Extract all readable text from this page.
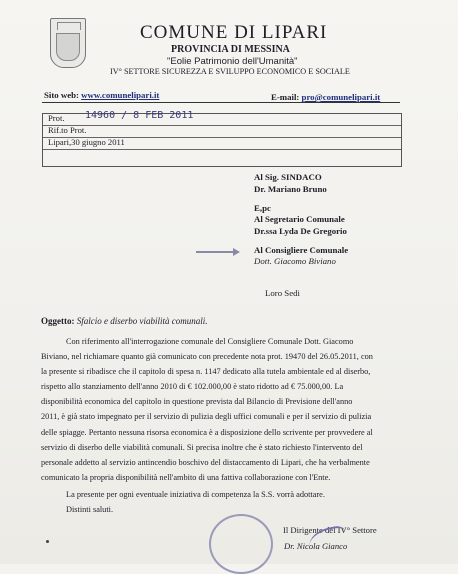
COMUNE DI LIPARI
PROVINCIA DI MESSINA
"Eolie Patrimonio dell'Umanità"
IV° SETTORE SICUREZZA E SVILUPPO ECONOMICO E SOCIALE
Sito web: www.comunelipari.it	E-mail: pro@comunelipari.it
Prot. 14960 / 8 FEB 2011
Rif.to Prot.
Lipari,30 giugno 2011
Al Sig. SINDACO
Dr. Mariano Bruno
E,pc
Al Segretario Comunale
Dr.ssa Lyda De Gregorio
Al Consigliere Comunale
Dott. Giacomo Biviano
Loro Sedi
Oggetto: Sfalcio e diserbo viabilità comunali.

Con riferimento all'interrogazione comunale del Consigliere Comunale Dott. Giacomo

Biviano, nel richiamare quanto già comunicato con precedente nota prot. 19470 del 26.05.2011, con

la presente si ribadisce che il capitolo di spesa n. 1147 dedicato alla tutela ambientale ed al diserbo,

rispetto allo stanziamento dell'anno 2010 di € 102.000,00 è stato ridotto ad € 75.000,00. La

disponibilità economica del capitolo in questione prevista dal Bilancio di Previsione dell'anno

2011, è già stato impegnato per il servizio di pulizia degli uffici comunali e per il servizio di pulizia

delle spiagge. Pertanto nessuna risorsa economica è a disposizione dello scrivente per provvedere al

servizio di diserbo delle viabilità comunali. Si precisa inoltre che è stato richiesto l'intervento del

personale addetto al servizio antincendio boschivo del distaccamento di Lipari, che ha verbalmente

comunicato la propria disponibilità nell'ambito di una fattiva collaborazione con l'Ente.

La presente per ogni eventuale iniziativa di competenza la S.S. vorrà adottare.

Distinti saluti.

Il Dirigente del IV° Settore
Dr. Nicola Gianco
